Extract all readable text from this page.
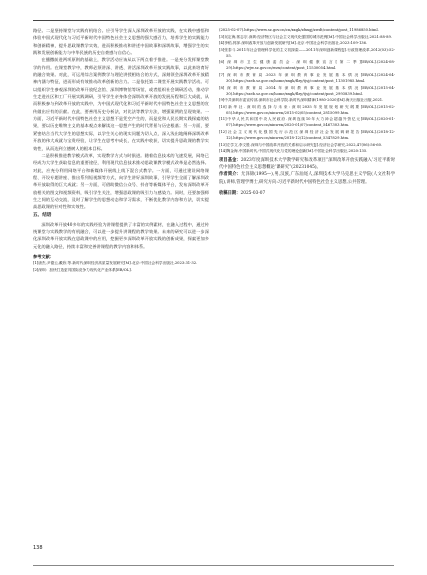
路径。二是坚持课堂与实践有机结合。应引导学生深入深圳改革开放的实践，在实践中感悟和体验中国式现代化与习近平新时代中国特色社会主义思想的强大感召力，培养学生的实践能力和创新精神，提升思政课教学实效，进而积极推动和讲述中国故事和深圳故事，增强学生的实践和发展创新能力与中华民族的历史自豪感与自信心。

在播撒前进两项原则的基础上，教学活动应该从以下两点着手推进。一是充分发挥课堂教学的作用。在课堂教学中，教师必须讲深、讲透、讲活深圳改革开放实践故事，以此来培育好的融合效果。对此，可运用综合案例教学与理论讲授相结合的方式，深刻领会深圳改革开放精神内涵与特征，进而形成有效推动改革创新的合力。二是依托第二课堂开展实践教学活动。可以组织学生参观深圳的改革开放纪念馆、深圳博物馆等场馆，或者组织社会调研活动，推动学生走进社区和工厂开展实践调研，引导学生亲身体会深圳改革开放的发展历程和巨大成就，从而积极参与到改革开放的实践中，为中国式现代化和习近平新时代中国特色社会主义思想的宣传做出应有的贡献。在此，要善用历史分析法，对比法等教学方法，增强案例的呈现效果。一方面，习近平新时代中国特色社会主义思想不是凭空产生的，而是党和人民长期实践探索的结果，要以历史唯物主义的基本观点来解读这一思想产生的时代背景与历史根基；另一方面，要紧密结合当代大学生的思想实际，以学生关心的现实问题为切入点，深入浅出地阐释深圳改革开放的伟大成就与宝贵经验，让学生在思考中成长，在实践中收获，切实提升思政课的教学实效性，从而达到立德树人的根本目标。

二是积极推进教学模式改革，实现教学方式与时俱进。随着信息技术的飞速发展，网络已经成为大学生获取信息的重要途径，利用现代信息技术推动思政课教学模式改革是必然选择。对此，应充分利用网络平台和新媒体开展线上线下混合式教学。一方面，可通过建设网络课程、开设专题讲座、推出系列短视频等方式，向学生讲好深圳故事，引导学生全面了解深圳改革开放取得的巨大成就；另一方面，可借助微信公众号、抖音等新媒体平台，发布深圳改革开放相关的图文和视频资料，吸引学生关注，增强思政课的吸引力与感染力。同时，还要加强师生之间的互动交流，及时了解学生的思想动态和学习需求，不断优化教学内容和方法，切实提高思政课的针对性和实效性。

五、结语

深圳改革开放40多年的实践经验为讲课程提供了丰富的实例素材，在融入过程中，通过传统课堂与实践教学的有机融合，可以进一步提升讲课程的教学效果。未来的研究可以进一步深化深圳改革开放实践在思政课中的应用，挖掘更多深圳改革开放实践的创新成果，探索更加多元化的融入路径，持续丰富和完善讲课程的教学内容和体系。

参考文献：

[1]唐杰,尹德云,戴欣.等.新时代深圳经济高质量发展研究[M].北京:中国社会科学出版社,2023:31-32.

[2]深圳：加快打造更具国际竞争力现代化产业体系[EB/OL].

(2025-02-07).https://www.sz.gov.cn/cn/xxgk/zfxxgj/zwdt/content/post_11986850.html.

[3]吴定海,郭志宗.深圳:经济特区与社会主义现代化强国的城市范例[M].中国社会科学出版社,2021:88-89.

[4]李稻,郭萍.深圳改革开放与创新发展研究[M].北京:中国社会科学出版社,2023:109-136.

[5]张泰斗.2011年社会管理科学化的主义初探索——2011年深圳创新课程[J].行政管理改革,2012(03):52-55.

[6]深圳市卫生健康委员会.深圳健康宣言[第二季][EB/OL].(2024-08-29).https://wjw.sz.gov.cn/wzx/content/post_11530054.html.

[7]深圳市教育局.2023年深圳教育事业发展基本情况[EB/OL].(2024-04-30).https://szeb.sz.gov.cn/home/xxgk/flzy/tjsj/content/post_11301985.html.

[8]深圳市教育局.2014年深圳教育事业发展基本情况[EB/OL].(2015-04-30).https://szeb.sz.gov.cn/home/xxgk/flzy/tjsj/content/post_2993839.html.

[9]中共深圳市委宣传部,深圳市社会科学院.新时代深圳精神(1980-2020)[M].海天出版社出版,2021.

[10]新华社.深圳的选择与未来:深圳2035年发展规划研究纲要[EB/OL].(2015-02-05).https://www.gov.cn/xinwen/2015-02/05/content_2815099.htm.

[11]中华人民共和国中央人民政府.深圳连续10年大力神会超越外资亿元[EB/OL].(2020-01-07).https://www.gov.cn/xinwen/2020-01/07/content_5467303.htm.

[12]社会主义现代化强国先行示范区深圳经济社会发展调研报告[EB/OL].(2018-12-12).https://www.gov.cn/xinwen/2018-12/12/content_5347829.htm.

[13]左学文,李文胜.深圳与中国改革开放的关系和启示研究[J].经济社会学研究,2022,47(06):56-60.

[14]陶金海,中国新时代,中国式现代化与党的理论创新[M].中国社会科学出版社,2020:135.

项目基金：2023年度深圳技术大学教学研究和改革项目“深圳改革开放实践融入‘习近平新时代中国特色社会主义思想概论’课研究”(20231045)。

作者简介：尤泽锦(1995—),男,汉族,广东汕尾人,深圳技术大学马克思主义学院(人文社科学院),讲师,管理学博士,研究方向:习近平新时代中国特色社会主义思想,公共管理。

收稿日期：2025-03-07

138
